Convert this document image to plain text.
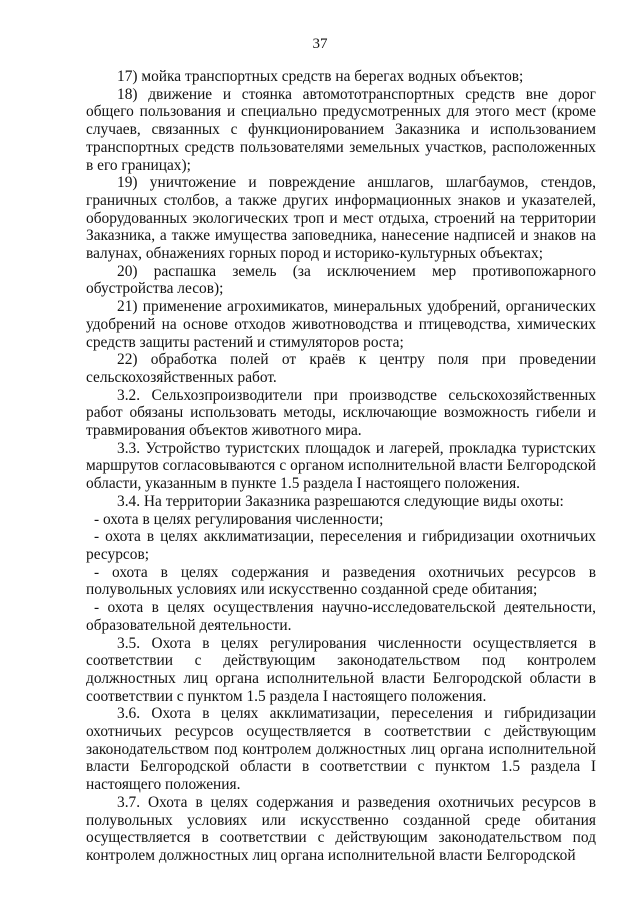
37

17) мойка транспортных средств на берегах водных объектов;

18) движение и стоянка автомототранспортных средств вне дорог общего пользования и специально предусмотренных для этого мест (кроме случаев, связанных с функционированием Заказника и использованием транспортных средств пользователями земельных участков, расположенных в его границах);

19) уничтожение и повреждение аншлагов, шлагбаумов, стендов, граничных столбов, а также других информационных знаков и указателей, оборудованных экологических троп и мест отдыха, строений на территории Заказника, а также имущества заповедника, нанесение надписей и знаков на валунах, обнажениях горных пород и историко-культурных объектах;

20) распашка земель (за исключением мер противопожарного обустройства лесов);

21) применение агрохимикатов, минеральных удобрений, органических удобрений на основе отходов животноводства и птицеводства, химических средств защиты растений и стимуляторов роста;

22) обработка полей от краёв к центру поля при проведении сельскохозяйственных работ.

3.2. Сельхозпроизводители при производстве сельскохозяйственных работ обязаны использовать методы, исключающие возможность гибели и травмирования объектов животного мира.

3.3. Устройство туристских площадок и лагерей, прокладка туристских маршрутов согласовываются с органом исполнительной власти Белгородской области, указанным в пункте 1.5 раздела I настоящего положения.

3.4. На территории Заказника разрешаются следующие виды охоты:

- охота в целях регулирования численности;

- охота в целях акклиматизации, переселения и гибридизации охотничьих ресурсов;

- охота в целях содержания и разведения охотничьих ресурсов в полувольных условиях или искусственно созданной среде обитания;

- охота в целях осуществления научно-исследовательской деятельности, образовательной деятельности.

3.5. Охота в целях регулирования численности осуществляется в соответствии с действующим законодательством под контролем должностных лиц органа исполнительной власти Белгородской области в соответствии с пунктом 1.5 раздела I настоящего положения.

3.6. Охота в целях акклиматизации, переселения и гибридизации охотничьих ресурсов осуществляется в соответствии с действующим законодательством под контролем должностных лиц органа исполнительной власти Белгородской области в соответствии с пунктом 1.5 раздела I настоящего положения.

3.7. Охота в целях содержания и разведения охотничьих ресурсов в полувольных условиях или искусственно созданной среде обитания осуществляется в соответствии с действующим законодательством под контролем должностных лиц органа исполнительной власти Белгородской
